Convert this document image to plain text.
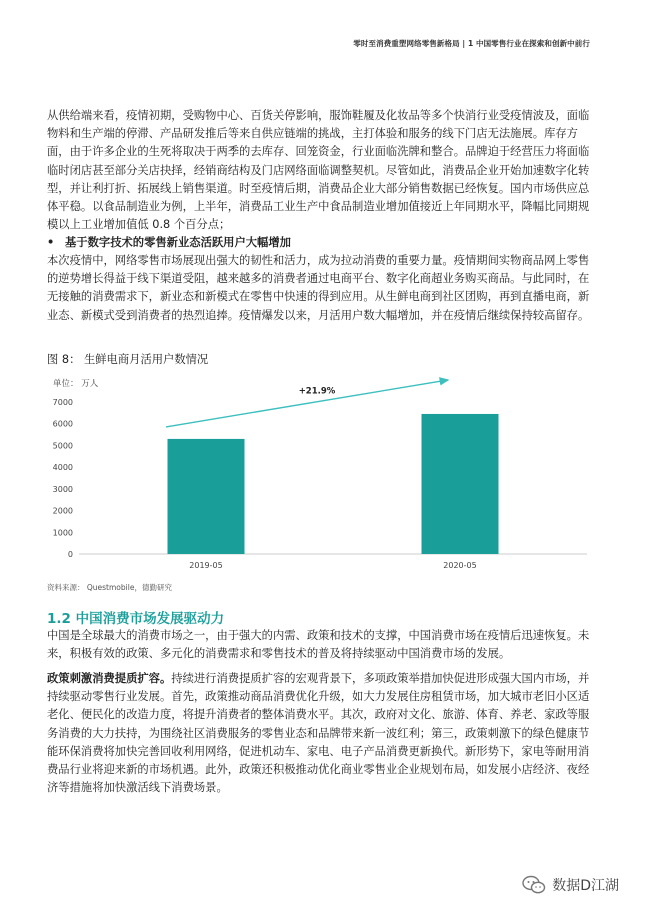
零时至消费重塑网络零售新格局 | 1 中国零售行业在探索和创新中前行
从供给端来看，疫情初期，受购物中心、百货关停影响，服饰鞋履及化妆品等多个快消行业受疫情波及，面临物料和生产端的停滞、产品研发推后等来自供应链端的挑战，主打体验和服务的线下门店无法施展。库存方面，由于许多企业的生死将取决于两季的去库存、回笼资金，行业面临洗牌和整合。品牌迫于经营压力将面临临时闭店甚至部分关店抉择，经销商结构及门店网络面临调整契机。尽管如此，消费品企业开始加速数字化转型，并让利打折、拓展线上销售渠道。时至疫情后期，消费品企业大部分销售数据已经恢复。国内市场供应总体平稳。以食品制造业为例，上半年，消费品工业生产中食品制造业增加值接近上年同期水平，降幅比同期规模以上工业增加值低 0.8 个百分点；
• 基于数字技术的零售新业态活跃用户大幅增加
本次疫情中，网络零售市场展现出强大的韧性和活力，成为拉动消费的重要力量。疫情期间实物商品网上零售的逆势增长得益于线下渠道受阻，越来越多的消费者通过电商平台、数字化商超业务购买商品。与此同时，在无接触的消费需求下，新业态和新模式在零售中快速的得到应用。从生鲜电商到社区团购，再到直播电商，新业态、新模式受到消费者的热烈追捧。疫情爆发以来，月活用户数大幅增加，并在疫情后继续保持较高留存。
图 8： 生鲜电商月活用户数情况
单位： 万人
0
1000
2000
3000
4000
5000
6000
7000
2019-05	2020-05
+21.9%
资料来源： Questmobile，德勤研究
1.2 中国消费市场发展驱动力
中国是全球最大的消费市场之一，由于强大的内需、政策和技术的支撑，中国消费市场在疫情后迅速恢复。未来，积极有效的政策、多元化的消费需求和零售技术的普及将持续驱动中国消费市场的发展。
政策刺激消费提质扩容。持续进行消费提质扩容的宏观背景下，多项政策举措加快促进形成强大国内市场，并持续驱动零售行业发展。首先，政策推动商品消费优化升级，如大力发展住房租赁市场，加大城市老旧小区适老化、便民化的改造力度，将提升消费者的整体消费水平。其次，政府对文化、旅游、体育、养老、家政等服务消费的大力扶持，为围绕社区消费服务的零售业态和品牌带来新一波红利；第三，政策刺激下的绿色健康节能环保消费将加快完善回收利用网络，促进机动车、家电、电子产品消费更新换代。新形势下，家电等耐用消费品行业将迎来新的市场机遇。此外，政策还积极推动优化商业零售业企业规划布局，如发展小店经济、夜经济等措施将加快激活线下消费场景。
数据D江湖
